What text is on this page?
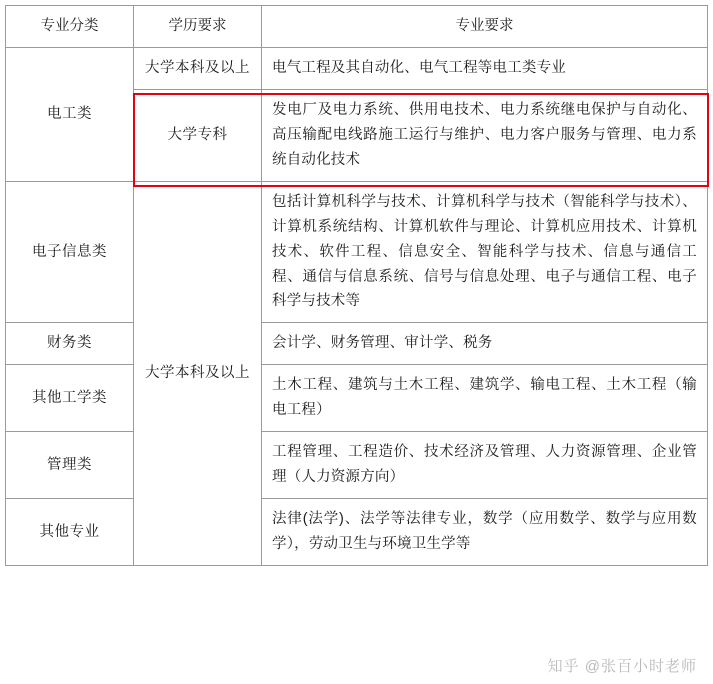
专业分类	学历要求	专业要求
电工类	大学本科及以上	电气工程及其自动化、电气工程等电工类专业
	大学专科	发电厂及电力系统、供用电技术、电力系统继电保护与自动化、高压输配电线路施工运行与维护、电力客户服务与管理、电力系统自动化技术
电子信息类	大学本科及以上	包括计算机科学与技术、计算机科学与技术（智能科学与技术）、计算机系统结构、计算机软件与理论、计算机应用技术、计算机技术、软件工程、信息安全、智能科学与技术、信息与通信工程、通信与信息系统、信号与信息处理、电子与通信工程、电子科学与技术等
财务类		会计学、财务管理、审计学、税务
其他工学类		土木工程、建筑与土木工程、建筑学、输电工程、土木工程（输电工程）
管理类		工程管理、工程造价、技术经济及管理、人力资源管理、企业管理（人力资源方向）
其他专业		法律(法学)、法学等法律专业，数学（应用数学、数学与应用数学），劳动卫生与环境卫生学等
知乎 @张百小时老师
